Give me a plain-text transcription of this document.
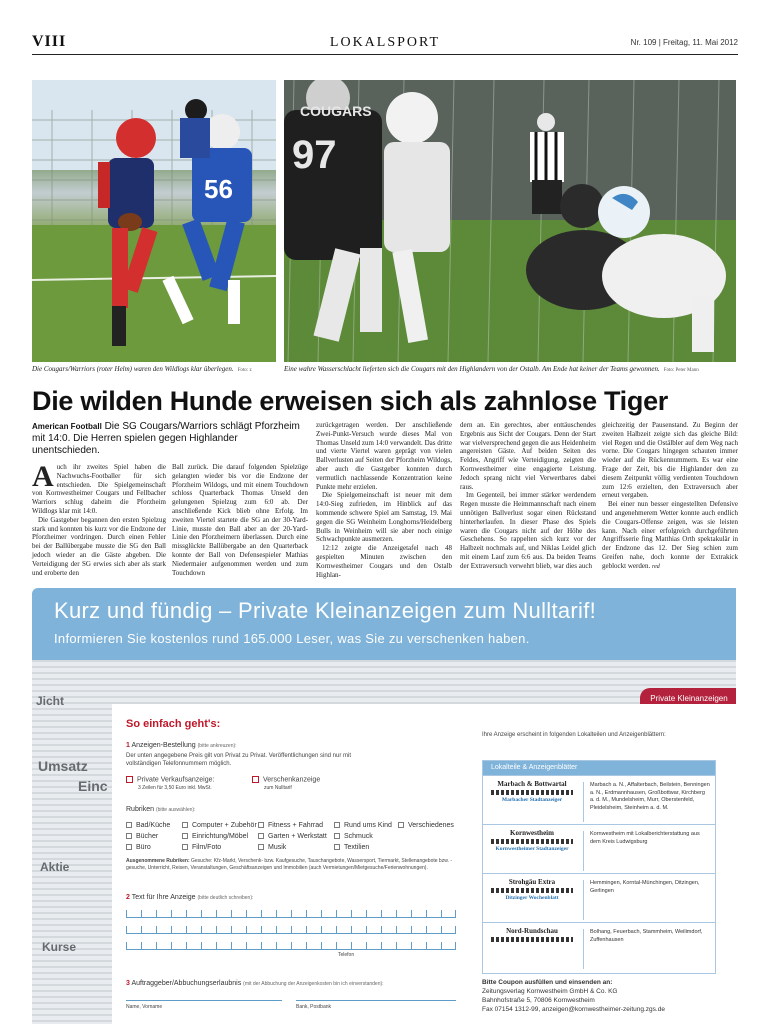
VIII	LOKALSPORT	Nr. 109 | Freitag, 11. Mai 2012
56
97
COUGARS
Die Cougars/Warriors (roter Helm) waren den Wildlogs klar überlegen. Foto: z	Eine wahre Wasserschlacht lieferten sich die Cougars mit den Highlandern von der Ostalb. Am Ende hat keiner der Teams gewonnen. Foto: Peter Mann
Die wilden Hunde erweisen sich als zahnlose Tiger
American Football Die SG Cougars/Warriors schlägt Pforzheim mit 14:0. Die Herren spielen gegen Highlander unentschieden.

Auch ihr zweites Spiel haben die Nachwuchs-Footballer für sich entschieden. Die Spielgemeinschaft von Kornwestheimer Cougars und Fellbacher Warriors schlug daheim die Pforzheim Wildlogs klar mit 14:0.

Die Gastgeber begannen den ersten Spielzug stark und konnten bis kurz vor die Endzone der Pforzheimer vordringen. Durch einen Fehler bei der Ballübergabe musste die SG den Ball jedoch wieder an die Gäste abgeben. Die Verteidigung der SG erwies sich aber als stark und eroberte den

Ball zurück. Die darauf folgenden Spielzüge gelangten wieder bis vor die Endzone der Pforzheim Wildogs, und mit einem Touchdown schloss Quarterback Thomas Unseld den gelungenen Spielzug zum 6:0 ab. Der anschließende Kick blieb ohne Erfolg. Im zweiten Viertel startete die SG an der 30-Yard-Linie, musste den Ball aber an der 20-Yard-Linie den Pforzheimern überlassen. Durch eine missglückte Ballübergabe an den Quarterback konnte der Ball von Defensespieler Mathias Niedermaier aufgenommen werden und zum Touchdown

zurückgetragen werden. Der anschließende Zwei-Punkt-Versuch wurde dieses Mal von Thomas Unseld zum 14:0 verwandelt. Das dritte und vierte Viertel waren geprägt von vielen Ballverlusten auf Seiten der Pforzheim Wildogs, aber auch die Gastgeber konnten durch vermutlich nachlassende Konzentration keine Punkte mehr erzielen.

Die Spielgemeinschaft ist neuer mit dem 14:0-Sieg zufrieden, im Hinblick auf das kommende schwere Spiel am Samstag, 19. Mai gegen die SG Weinheim Longhorns/Heidelberg Bulls in Weinheim will sie aber noch einige Schwachpunkte ausmerzen.

12:12 zeigte die Anzeigetafel nach 48 gespielten Minuten zwischen den Kornwestheimer Cougars und den Ostalb Highlan-

dern an. Ein gerechtes, aber enttäuschendes Ergebnis aus Sicht der Cougars. Denn der Start war vielversprechend gegen die aus Heidenheim angereisten Gäste. Auf beiden Seiten des Feldes, Angriff wie Verteidigung, zeigten die Kornwestheimer eine engagierte Leistung. Jedoch sprang nicht viel Verwertbares dabei raus.

Im Gegenteil, bei immer stärker werdendem Regen musste die Heimmannschaft nach einem unnötigen Ballverlust sogar einen Rückstand hinterherlaufen. In dieser Phase des Spiels waren die Cougars nicht auf der Höhe des Geschehens. So rappelten sich kurz vor der Halbzeit nochmals auf, und Niklas Leidel glich mit einem Lauf zum 6:6 aus. Da beiden Teams der Extraversuch verwehrt blieb, war dies auch

gleichzeitig der Pausenstand. Zu Beginn der zweiten Halbzeit zeigte sich das gleiche Bild: viel Regen und die Ostälbler auf dem Weg nach vorne. Die Cougars hingegen schauten immer wieder auf die Rückennummern. Es war eine Frage der Zeit, bis die Highlander den zu diesem Zeitpunkt völlig verdienten Touchdown zum 12:6 erzielten, den Extraversuch aber erneut vergaben.

Bei einer nun besser eingestellten Defensive und angenehmerem Wetter konnte auch endlich die Cougars-Offense zeigen, was sie leisten kann. Nach einer erfolgreich durchgeführten Angriffsserie fing Matthias Orth spektakulär in der Endzone das 12. Der Sieg schien zum Greifen nahe, doch konnte der Extrakick geblockt werden. red

Kurz und fündig – Private Kleinanzeigen zum Nulltarif!
Informieren Sie kostenlos rund 165.000 Leser, was Sie zu verschenken haben.
Jicht
Umsatz
Einc
Aktie
Kurse
Private Kleinanzeigen

So einfach geht's:
1 Anzeigen-Bestellung (bitte ankreuzen):
Der unten angegebene Preis gilt von Privat zu Privat. Veröffentlichungen sind nur mit vollständigen Telefonnummern möglich.
Private Verkaufsanzeige:
3 Zeilen für 3,50 Euro inkl. MwSt.
Verschenkanzeige
zum Nulltarif
Rubriken (bitte auswählen):
Bad/Küche	Computer + Zubehör	Fitness + Fahrrad	Rund ums Kind	Verschiedenes
Bücher	Einrichtung/Möbel	Garten + Werkstatt	Schmuck
Büro	Film/Foto	Musik	Textilien
Ausgenommene Rubriken: Gesuche: Kfz-Markt, Verschenk- bzw. Kaufgesuche, Tauschangebote, Wassersport, Tiermarkt, Stellenangebote bzw. -gesuche, Unterricht, Reisen, Veranstaltungen, Geschäftsanzeigen und Immobilien (auch Vermietungen/Mietgesuche/Ferienwohnungen).
2 Text für Ihre Anzeige (bitte deutlich schreiben):
Telefon
3 Auftraggeber/Abbuchungserlaubnis (mit der Abbuchung der Anzeigenkosten bin ich einverstanden):
Name, Vorname	Bank, Postbank
Ihre Anzeige erscheint in folgenden Lokalteilen und Anzeigenblättern:
Lokalteile & Anzeigenblätter
Marbach & Bottwartal
Marbacher Stadtanzeiger
Marbach a. N., Affalterbach, Beilstein, Benningen a. N., Erdmannhausen, Großbottwar, Kirchberg a. d. M., Mundelsheim, Murr, Oberstenfeld, Pleidelsheim, Steinheim a. d. M.
Kornwestheim
Kornwestheimer Stadtanzeiger
Kornwestheim mit Lokalberichterstattung aus dem Kreis Ludwigsburg
Strohgäu Extra
Ditzinger Wochenblatt
Hemmingen, Korntal-Münchingen, Ditzingen, Gerlingen
Nord-Rundschau	Bolhang, Feuerbach, Stammheim, Weilimdorf, Zuffenhausen
Bitte Coupon ausfüllen und einsenden an:
Zeitungsverlag Kornwestheim GmbH & Co. KG
Bahnhofstraße 5, 70806 Kornwestheim
Fax 07154 1312-99, anzeigen@kornwestheimer-zeitung.zgs.de
